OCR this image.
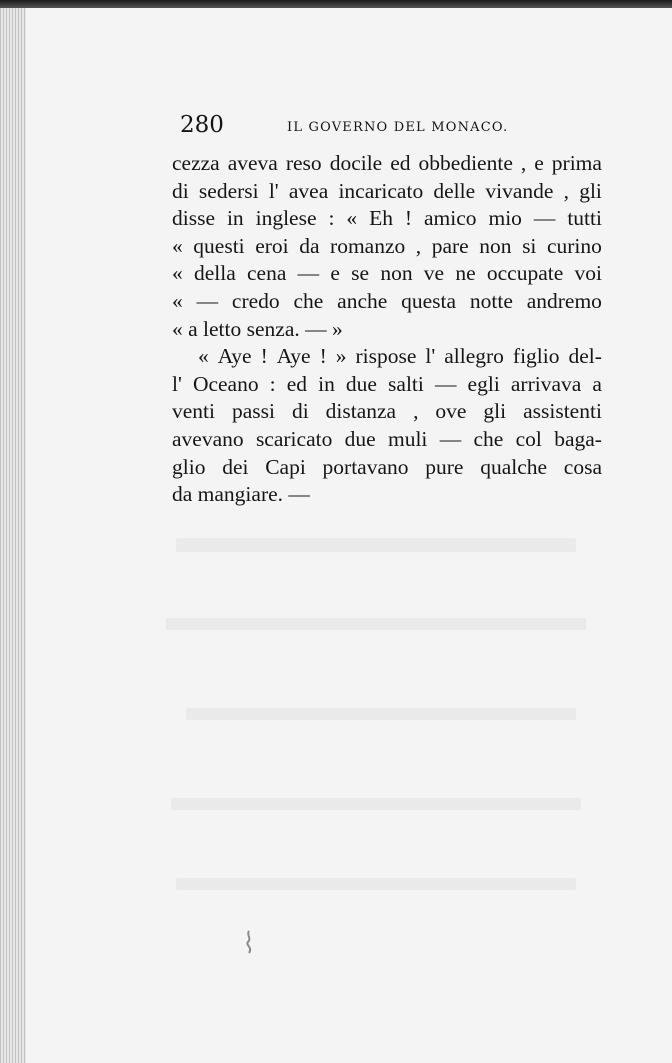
280	IL GOVERNO DEL MONACO.
cezza aveva reso docile ed obbediente , e prima
di sedersi l' avea incaricato delle vivande , gli
disse in inglese : « Eh ! amico mio — tutti
« questi eroi da romanzo , pare non si curino
« della cena — e se non ve ne occupate voi
« — credo che anche questa notte andremo
« a letto senza. — »
« Aye ! Aye ! » rispose l' allegro figlio del-
l' Oceano : ed in due salti — egli arrivava a
venti passi di distanza , ove gli assistenti
avevano scaricato due muli — che col baga-
glio dei Capi portavano pure qualche cosa
da mangiare. —
